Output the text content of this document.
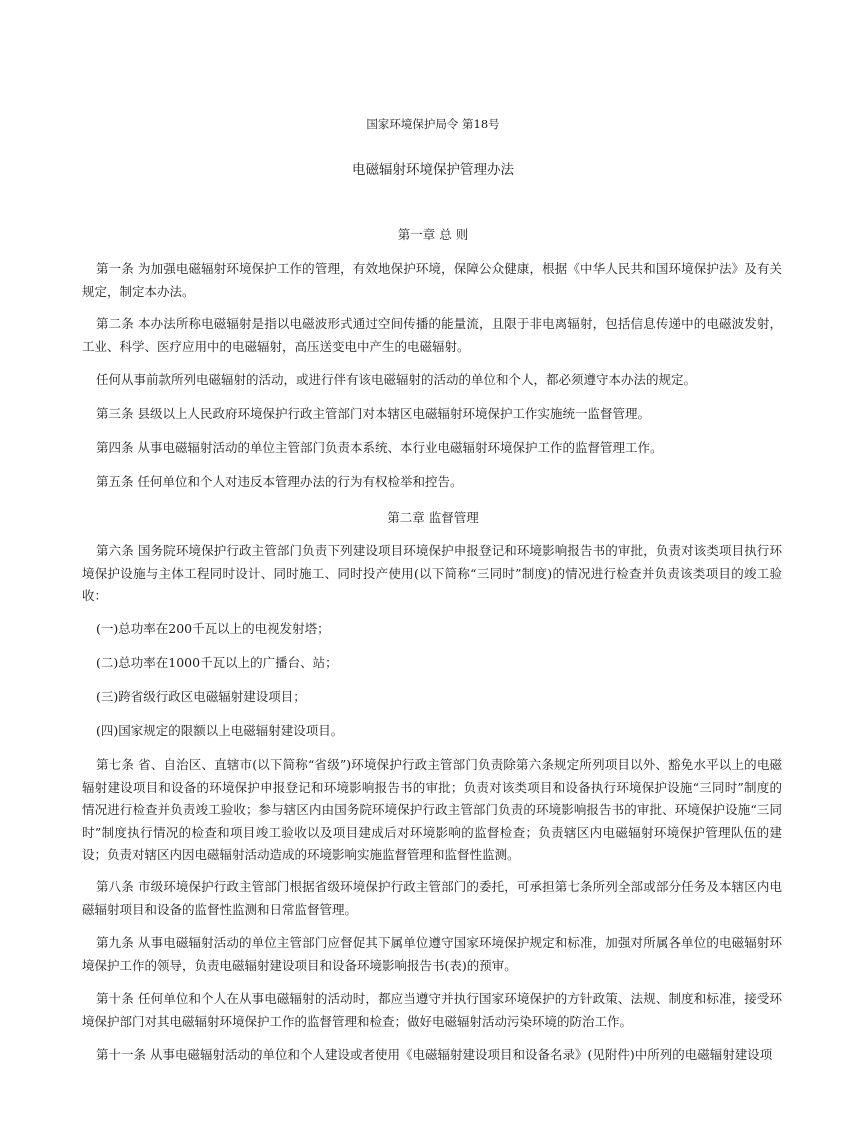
国家环境保护局令 第18号
电磁辐射环境保护管理办法
第一章 总 则

第一条 为加强电磁辐射环境保护工作的管理，有效地保护环境，保障公众健康，根据《中华人民共和国环境保护法》及有关规定，制定本办法。

第二条 本办法所称电磁辐射是指以电磁波形式通过空间传播的能量流，且限于非电离辐射，包括信息传递中的电磁波发射，工业、科学、医疗应用中的电磁辐射，高压送变电中产生的电磁辐射。

任何从事前款所列电磁辐射的活动，或进行伴有该电磁辐射的活动的单位和个人，都必须遵守本办法的规定。

第三条 县级以上人民政府环境保护行政主管部门对本辖区电磁辐射环境保护工作实施统一监督管理。

第四条 从事电磁辐射活动的单位主管部门负责本系统、本行业电磁辐射环境保护工作的监督管理工作。

第五条 任何单位和个人对违反本管理办法的行为有权检举和控告。

第二章 监督管理

第六条 国务院环境保护行政主管部门负责下列建设项目环境保护申报登记和环境影响报告书的审批，负责对该类项目执行环境保护设施与主体工程同时设计、同时施工、同时投产使用(以下简称“三同时”制度)的情况进行检查并负责该类项目的竣工验收：

(一)总功率在200千瓦以上的电视发射塔；

(二)总功率在1000千瓦以上的广播台、站；

(三)跨省级行政区电磁辐射建设项目；

(四)国家规定的限额以上电磁辐射建设项目。

第七条 省、自治区、直辖市(以下简称“省级”)环境保护行政主管部门负责除第六条规定所列项目以外、豁免水平以上的电磁辐射建设项目和设备的环境保护申报登记和环境影响报告书的审批；负责对该类项目和设备执行环境保护设施“三同时”制度的情况进行检查并负责竣工验收；参与辖区内由国务院环境保护行政主管部门负责的环境影响报告书的审批、环境保护设施“三同时”制度执行情况的检查和项目竣工验收以及项目建成后对环境影响的监督检查；负责辖区内电磁辐射环境保护管理队伍的建设；负责对辖区内因电磁辐射活动造成的环境影响实施监督管理和监督性监测。

第八条 市级环境保护行政主管部门根据省级环境保护行政主管部门的委托，可承担第七条所列全部或部分任务及本辖区内电磁辐射项目和设备的监督性监测和日常监督管理。

第九条 从事电磁辐射活动的单位主管部门应督促其下属单位遵守国家环境保护规定和标准，加强对所属各单位的电磁辐射环境保护工作的领导，负责电磁辐射建设项目和设备环境影响报告书(表)的预审。

第十条 任何单位和个人在从事电磁辐射的活动时，都应当遵守并执行国家环境保护的方针政策、法规、制度和标准，接受环境保护部门对其电磁辐射环境保护工作的监督管理和检查；做好电磁辐射活动污染环境的防治工作。

第十一条 从事电磁辐射活动的单位和个人建设或者使用《电磁辐射建设项目和设备名录》(见附件)中所列的电磁辐射建设项
